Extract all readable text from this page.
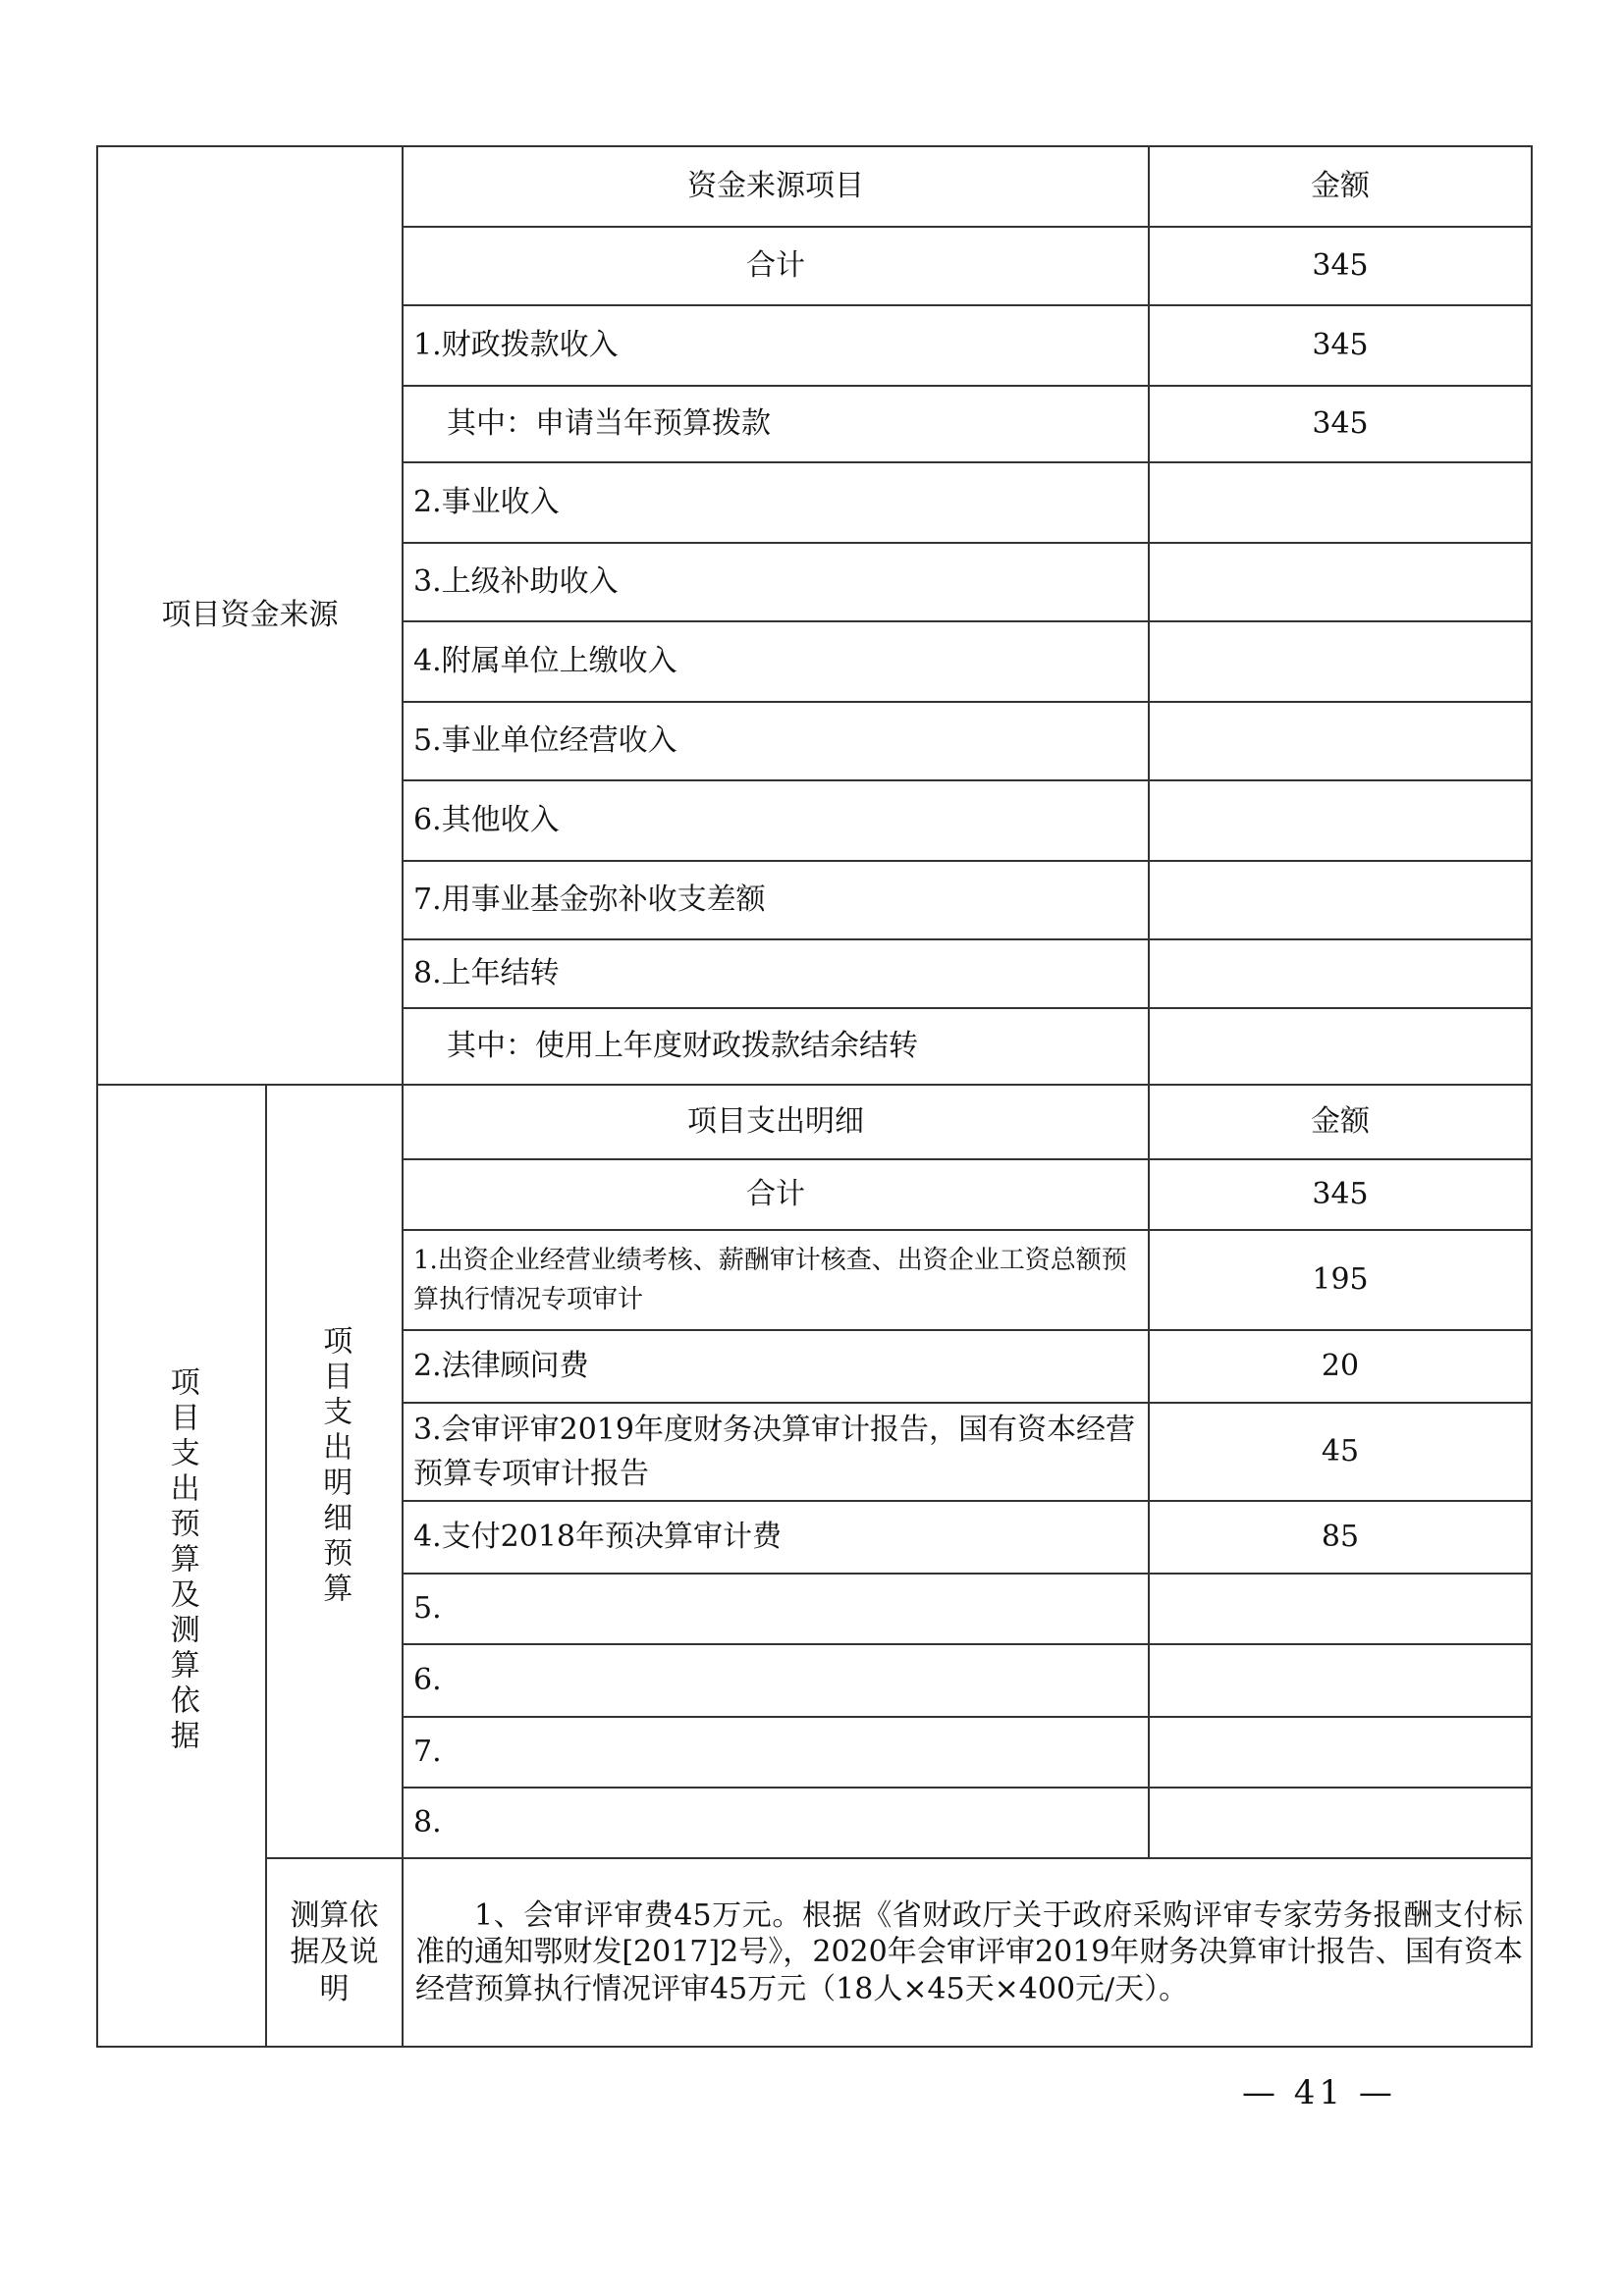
项目资金来源		资金来源项目	金额
		合计	345
		1.财政拨款收入	345
		其中：申请当年预算拨款	345
		2.事业收入	
		3.上级补助收入	
		4.附属单位上缴收入	
		5.事业单位经营收入	
		6.其他收入	
		7.用事业基金弥补收支差额	
		8.上年结转	
		其中：使用上年度财政拨款结余结转	
项目支出预算及测算依据	项目支出明细预算	项目支出明细	金额
		合计	345
		1.出资企业经营业绩考核、薪酬审计核查、出资企业工资总额预算执行情况专项审计	195
		2.法律顾问费	20
		3.会审评审2019年度财务决算审计报告，国有资本经营预算专项审计报告	45
		4.支付2018年预决算审计费	85
		5.	
		6.	
		7.	
		8.	

	测算依据及说明	1、会审评审费45万元。根据《省财政厅关于政府采购评审专家劳务报酬支付标准的通知鄂财发[2017]2号》，2020年会审评审2019年财务决算审计报告、国有资本经营预算执行情况评审45万元（18人×45天×400元/天）。	
— 41 —
